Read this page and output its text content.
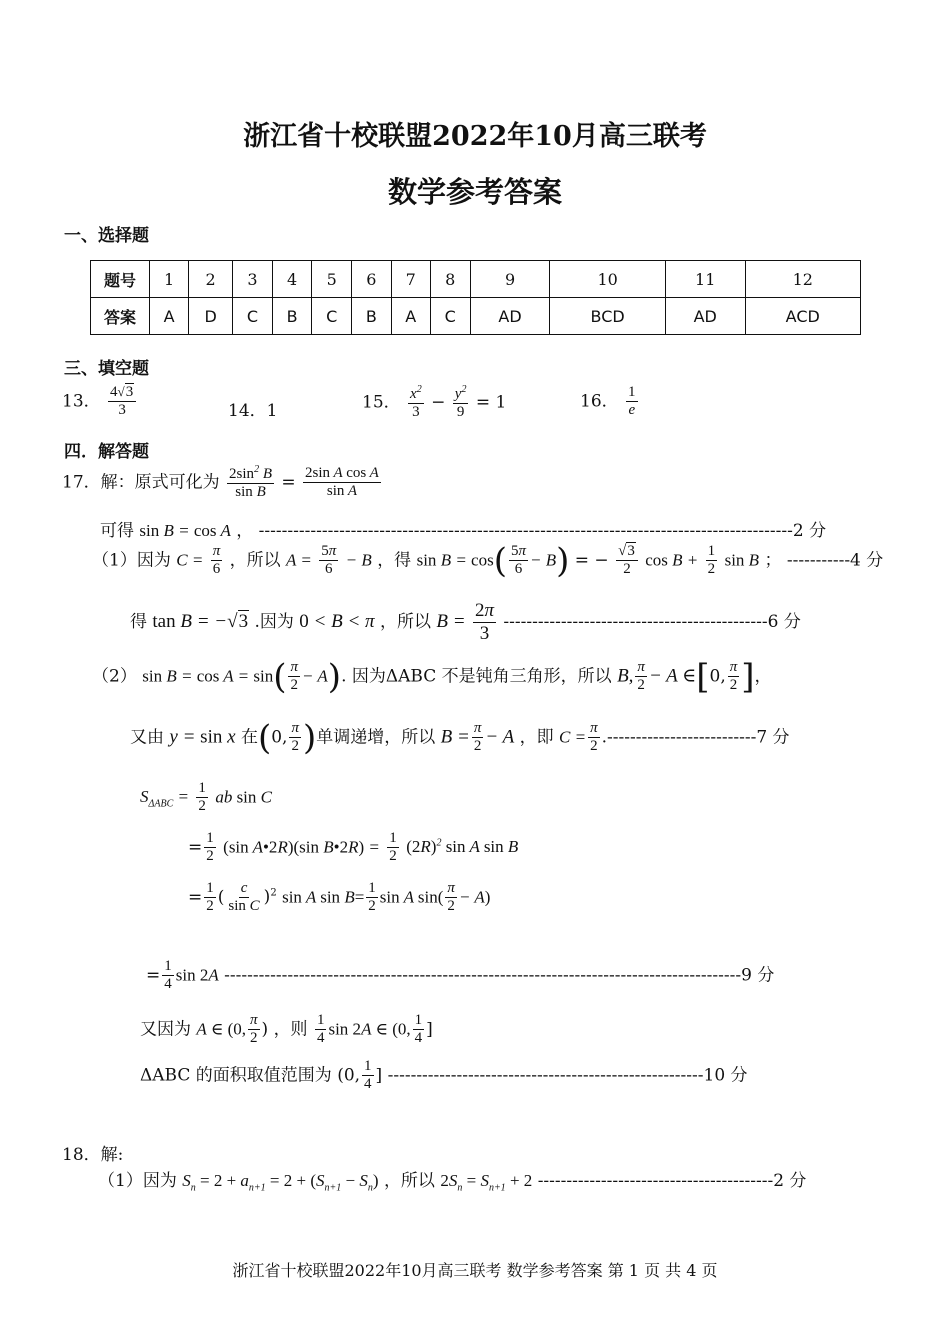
浙江省十校联盟2022年10月高三联考
数学参考答案
一、选择题
题号	1	2	3	4	5	6	7	8	9	10	11	12
答案	A	D	C	B	C	B	A	C	AD	BCD	AD	ACD
三、填空题
13． $\frac{4√3}{3}$	14．1	15． $\frac{x^2}{3} - \frac{y^2}{9} = 1$	16． $\frac{1}{e}$
四．解答题
17．解：原式可化为 $\frac{2\sin^2 B}{\text{sin B}} = \frac{\text{2sin A cos A}}{\text{sin A}}$
可得 sin B = cos A ， ---------------------------------------------------------------------------------------------2 分
（1）因为 $C = \frac{\pi}{6}$ ，所以 $A = \frac{5\pi}{6} - B$ ，得 $\sin B = \cos( \frac{5\pi}{6} - B)$ = − $\frac{√3}{2}$ $\cos B + \frac{1}{2}$ sin B ； -----------4 分
得 tan B = −√3 .因为 0 < B < π ，所以 $B = \frac{2\pi}{3} ----------------------------------------------6$ 分
（2） $\sin B = \cos A = \sin( \frac{\pi}{2} - A)$. 因为ΔABC 不是钝角三角形，所以 B, $\frac{\pi}{2} - A$ ∈[0, $\frac{\pi}{2}$ ]，
又由 y = sin x 在(0, $\frac{\pi}{2}$ )单调递增，所以 $B = \frac{\pi}{2} - A$ ，即 $C = \frac{\pi}{2} .--------------------------7$ 分
$S_{\Delta ABC} = \frac{1}{2}$ ab sin C
= $\frac{1}{2} (\sin$ A•2R)(sin B•2R) = $\frac{1}{2} (2R)^2$ sin A sin B
= $\frac{1}{2}$ ( $\frac{c}{\text{sin C}} )^2$ sin A $\sin B= \frac{1}{2}$ sin A $\sin( \frac{\pi}{2} - A)$
= $\frac{1}{4}$ sin 2A ------------------------------------------------------------------------------------------9 分
又因为 A ∈ (0, $\frac{\pi}{2}$ ) ，则 $\frac{1}{4}$ sin 2A ∈ (0, $\frac{1}{4}$ ]
ΔABC 的面积取值范围为 (0, $\frac{1}{4}$ ] -------------------------------------------------------10 分
18．解:
（1）因为 $S_n = 2 + a_{n+1} = 2 + (S_{n+1} - S_n)$ ，所以 $2S_n = S_{n+1} + 2$ -----------------------------------------2 分
浙江省十校联盟2022年10月高三联考 数学参考答案 第 1 页 共 4 页
